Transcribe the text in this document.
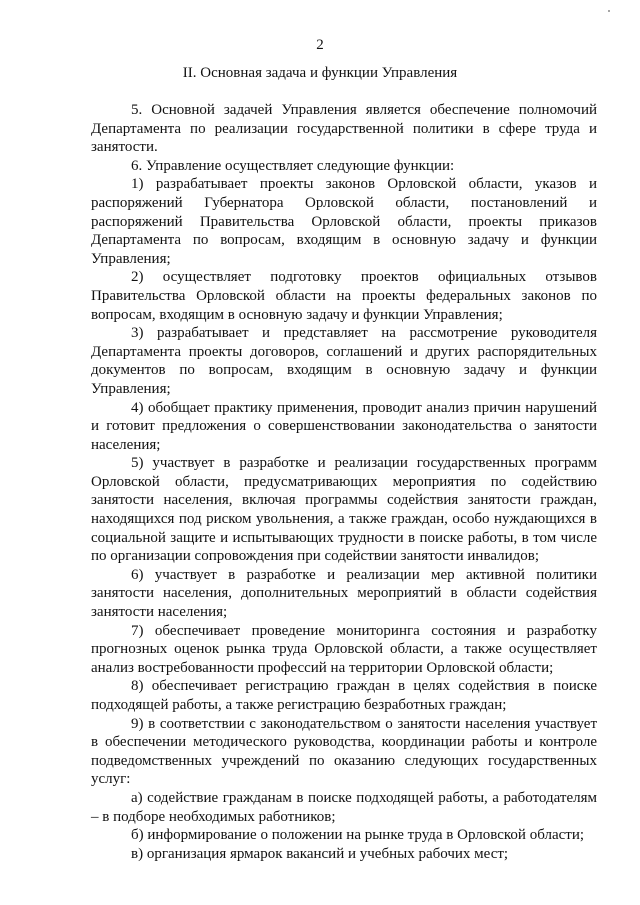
2
II. Основная задача и функции Управления

5. Основной задачей Управления является обеспечение полномочий Департамента по реализации государственной политики в сфере труда и занятости.

6. Управление осуществляет следующие функции:

1) разрабатывает проекты законов Орловской области, указов и распоряжений Губернатора Орловской области, постановлений и распоряжений Правительства Орловской области, проекты приказов Департамента по вопросам, входящим в основную задачу и функции Управления;

2) осуществляет подготовку проектов официальных отзывов Правительства Орловской области на проекты федеральных законов по вопросам, входящим в основную задачу и функции Управления;

3) разрабатывает и представляет на рассмотрение руководителя Департамента проекты договоров, соглашений и других распорядительных документов по вопросам, входящим в основную задачу и функции Управления;

4) обобщает практику применения, проводит анализ причин нарушений и готовит предложения о совершенствовании законодательства о занятости населения;

5) участвует в разработке и реализации государственных программ Орловской области, предусматривающих мероприятия по содействию занятости населения, включая программы содействия занятости граждан, находящихся под риском увольнения, а также граждан, особо нуждающихся в социальной защите и испытывающих трудности в поиске работы, в том числе по организации сопровождения при содействии занятости инвалидов;

6) участвует в разработке и реализации мер активной политики занятости населения, дополнительных мероприятий в области содействия занятости населения;

7) обеспечивает проведение мониторинга состояния и разработку прогнозных оценок рынка труда Орловской области, а также осуществляет анализ востребованности профессий на территории Орловской области;

8) обеспечивает регистрацию граждан в целях содействия в поиске подходящей работы, а также регистрацию безработных граждан;

9) в соответствии с законодательством о занятости населения участвует в обеспечении методического руководства, координации работы и контроле подведомственных учреждений по оказанию следующих государственных услуг:

а) содействие гражданам в поиске подходящей работы, а работодателям – в подборе необходимых работников;

б) информирование о положении на рынке труда в Орловской области;

в) организация ярмарок вакансий и учебных рабочих мест;
